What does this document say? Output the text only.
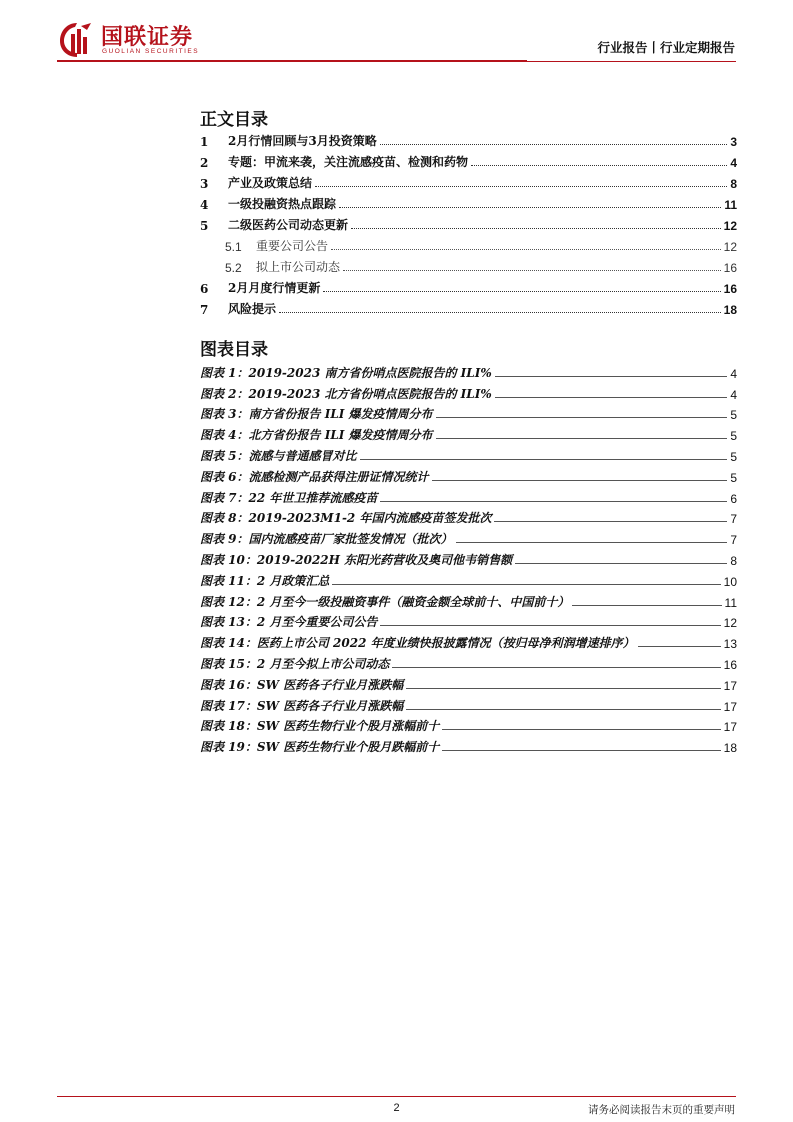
国联证券
GUOLIAN SECURITIES	行业报告丨行业定期报告
正文目录
1	2月行情回顾与3月投资策略	3
2	专题：甲流来袭，关注流感疫苗、检测和药物	4
3	产业及政策总结	8
4	一级投融资热点跟踪	11
5	二级医药公司动态更新	12
5.1	重要公司公告	12
5.2	拟上市公司动态	16
6	2月月度行情更新	16
7	风险提示	18
图表目录
图表 1：2019-2023 南方省份哨点医院报告的 ILI%	4
图表 2：2019-2023 北方省份哨点医院报告的 ILI%	4
图表 3：南方省份报告 ILI 爆发疫情周分布	5
图表 4：北方省份报告 ILI 爆发疫情周分布	5
图表 5：流感与普通感冒对比	5
图表 6：流感检测产品获得注册证情况统计	5
图表 7：22 年世卫推荐流感疫苗	6
图表 8：2019-2023M1-2 年国内流感疫苗签发批次	7
图表 9：国内流感疫苗厂家批签发情况（批次）	7
图表 10：2019-2022H 东阳光药营收及奥司他韦销售额	8
图表 11：2 月政策汇总	10
图表 12：2 月至今一级投融资事件（融资金额全球前十、中国前十）	11
图表 13：2 月至今重要公司公告	12
图表 14：医药上市公司 2022 年度业绩快报披露情况（按归母净利润增速排序）	13
图表 15：2 月至今拟上市公司动态	16
图表 16：SW 医药各子行业月涨跌幅	17
图表 17：SW 医药各子行业月涨跌幅	17
图表 18：SW 医药生物行业个股月涨幅前十	17
图表 19：SW 医药生物行业个股月跌幅前十	18
2	请务必阅读报告末页的重要声明
